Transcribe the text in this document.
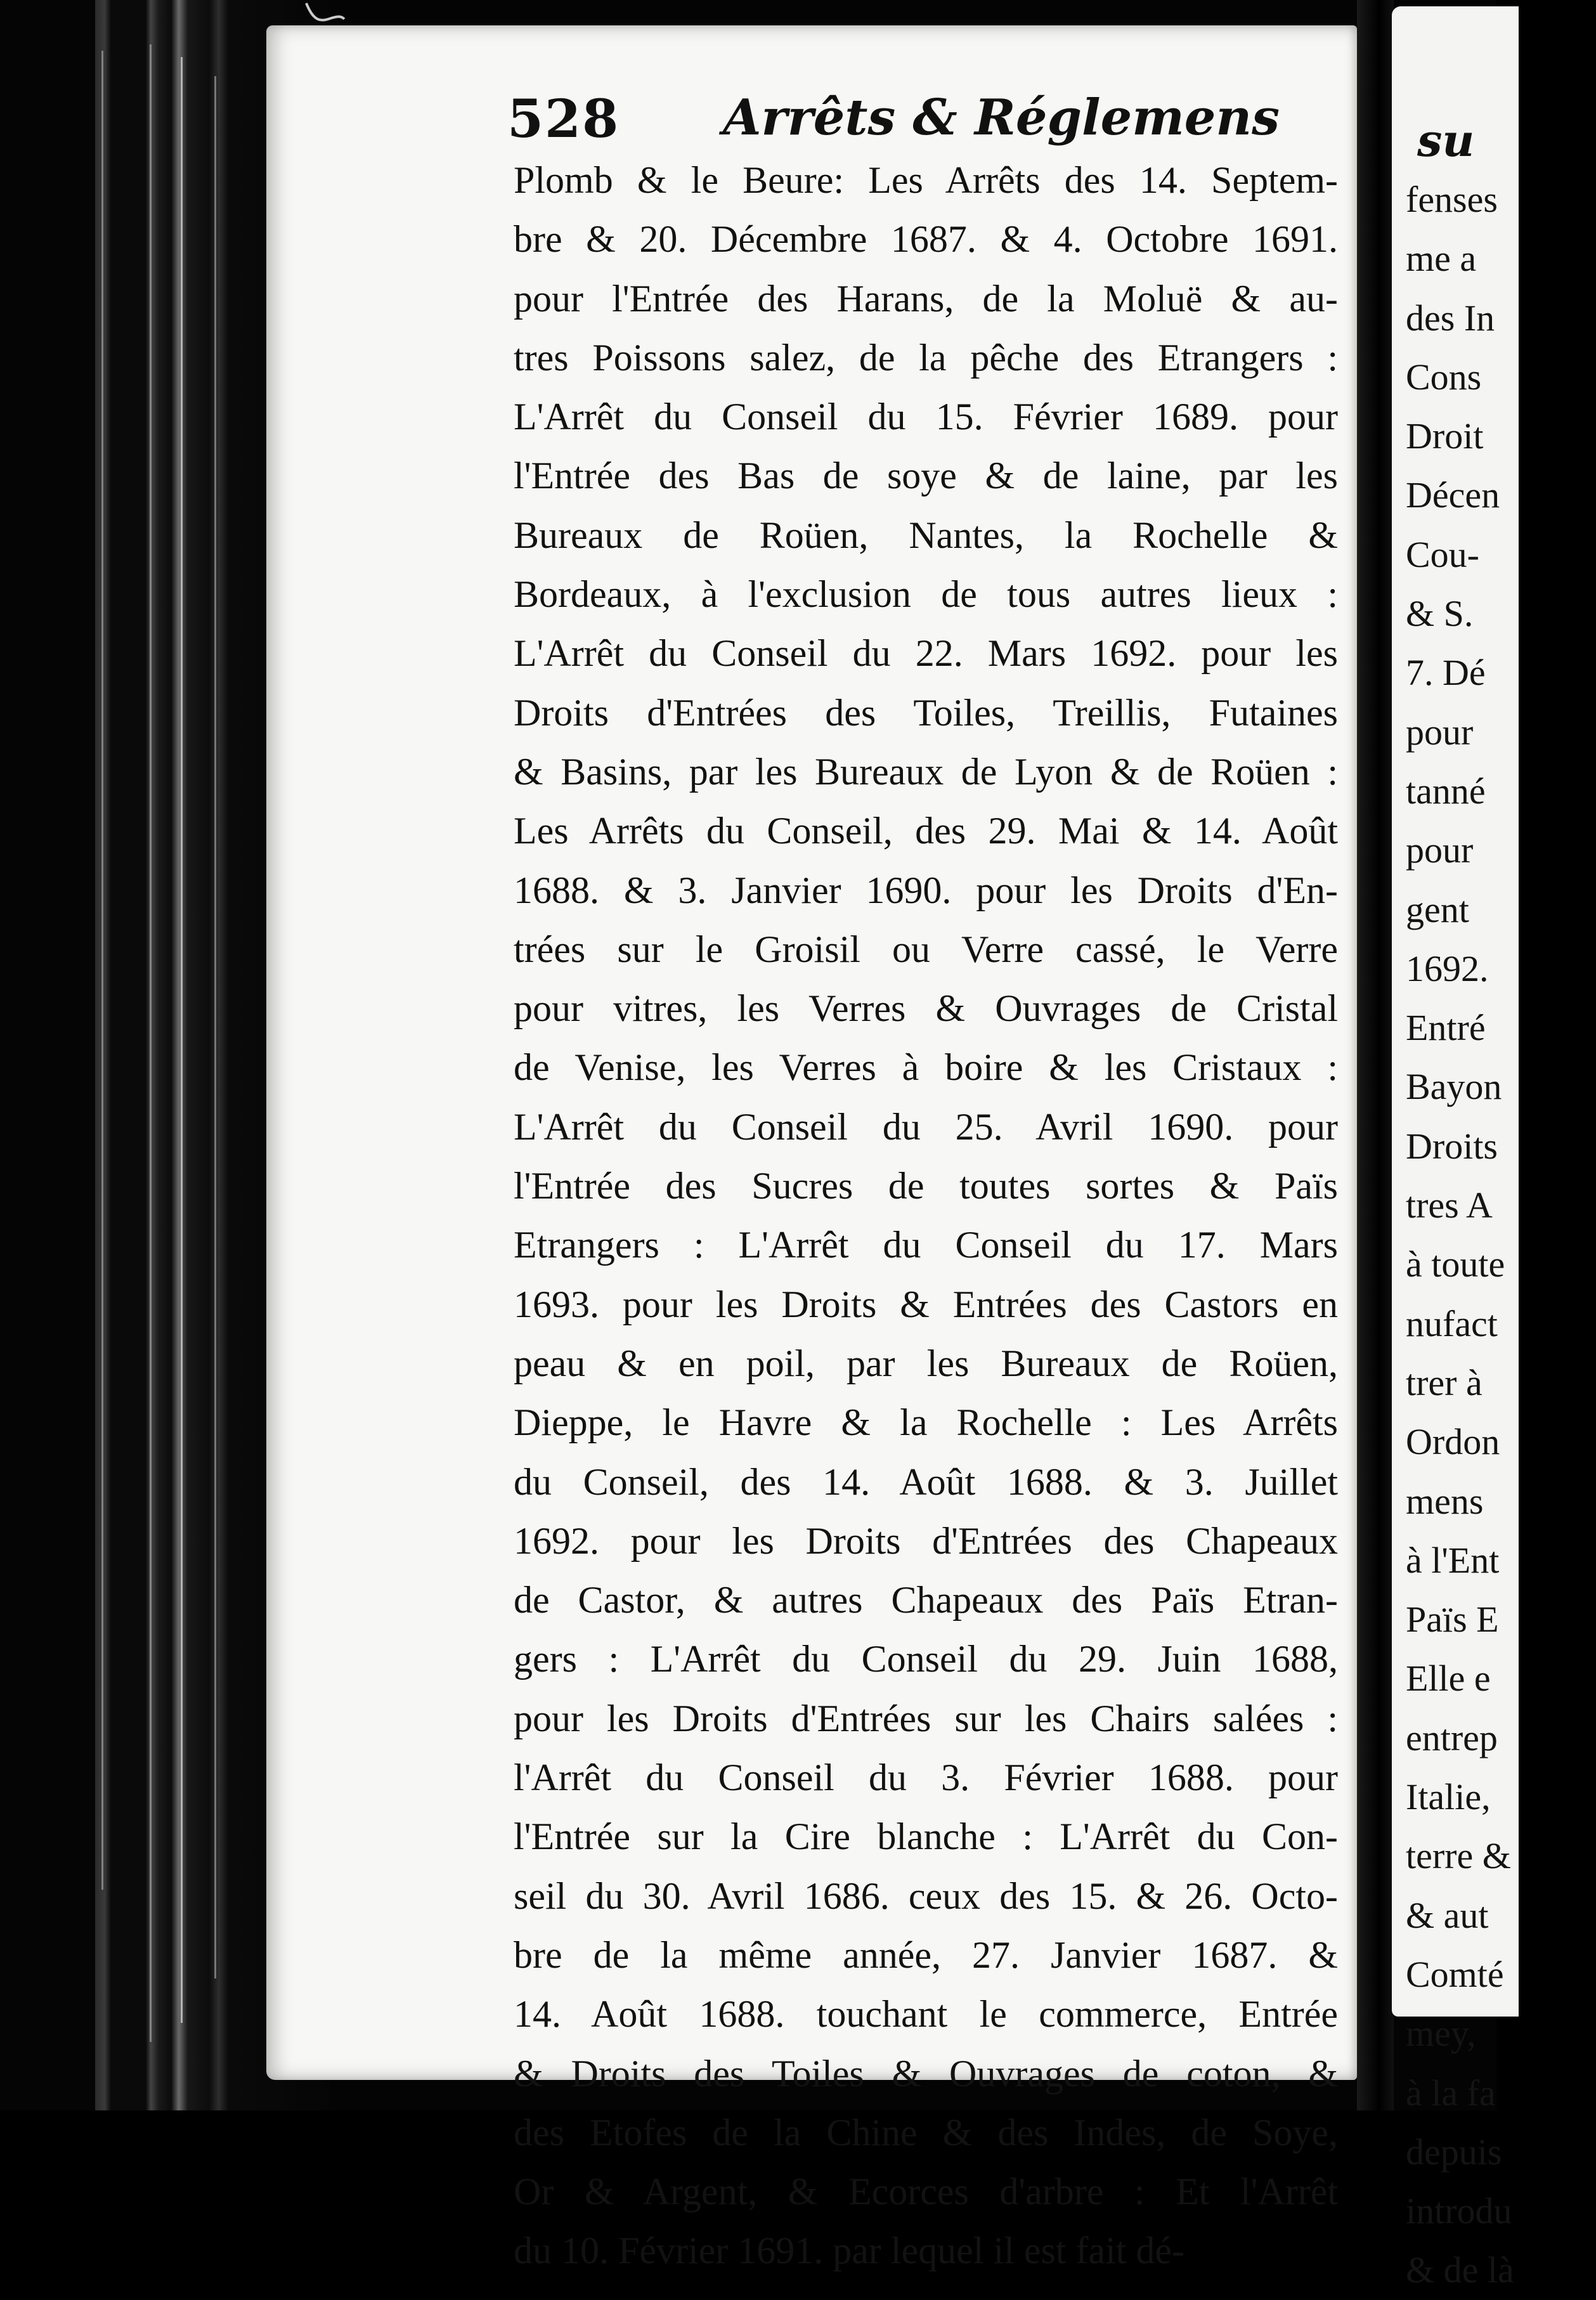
528 Arrêts & Réglemens
Plomb & le Beure: Les Arrêts des 14. Septem-
bre & 20. Décembre 1687. & 4. Octobre 1691.
pour l'Entrée des Harans, de la Moluë & au-
tres Poissons salez, de la pêche des Etrangers :
L'Arrêt du Conseil du 15. Février 1689. pour
l'Entrée des Bas de soye & de laine, par les
Bureaux de Roüen, Nantes, la Rochelle &
Bordeaux, à l'exclusion de tous autres lieux :
L'Arrêt du Conseil du 22. Mars 1692. pour les
Droits d'Entrées des Toiles, Treillis, Futaines
& Basins, par les Bureaux de Lyon & de Roüen :
Les Arrêts du Conseil, des 29. Mai & 14. Août
1688. & 3. Janvier 1690. pour les Droits d'En-
trées sur le Groisil ou Verre cassé, le Verre
pour vitres, les Verres & Ouvrages de Cristal
de Venise, les Verres à boire & les Cristaux :
L'Arrêt du Conseil du 25. Avril 1690. pour
l'Entrée des Sucres de toutes sortes & Païs
Etrangers : L'Arrêt du Conseil du 17. Mars
1693. pour les Droits & Entrées des Castors en
peau & en poil, par les Bureaux de Roüen,
Dieppe, le Havre & la Rochelle : Les Arrêts
du Conseil, des 14. Août 1688. & 3. Juillet
1692. pour les Droits d'Entrées des Chapeaux
de Castor, & autres Chapeaux des Païs Etran-
gers : L'Arrêt du Conseil du 29. Juin 1688,
pour les Droits d'Entrées sur les Chairs salées :
l'Arrêt du Conseil du 3. Février 1688. pour
l'Entrée sur la Cire blanche : L'Arrêt du Con-
seil du 30. Avril 1686. ceux des 15. & 26. Octo-
bre de la même année, 27. Janvier 1687. &
14. Août 1688. touchant le commerce, Entrée
& Droits des Toiles & Ouvrages de coton, &
des Etofes de la Chine & des Indes, de Soye,
Or & Argent, & Ecorces d'arbre : Et l'Arrêt
du 10. Février 1691. par lequel il est fait dé-
su
fenses
me a
des In
Cons
Droit
Décen
Cou-
& S.
7. Dé
pour
tanné
pour
gent
1692.
Entré
Bayon
Droits
tres A
à toute
nufact
trer à
Ordon
mens
à l'Ent
Païs E
Elle e
entrep
Italie,
terre &
& aut
Comté
mey,
à la fa
depuis
introdu
& de là
